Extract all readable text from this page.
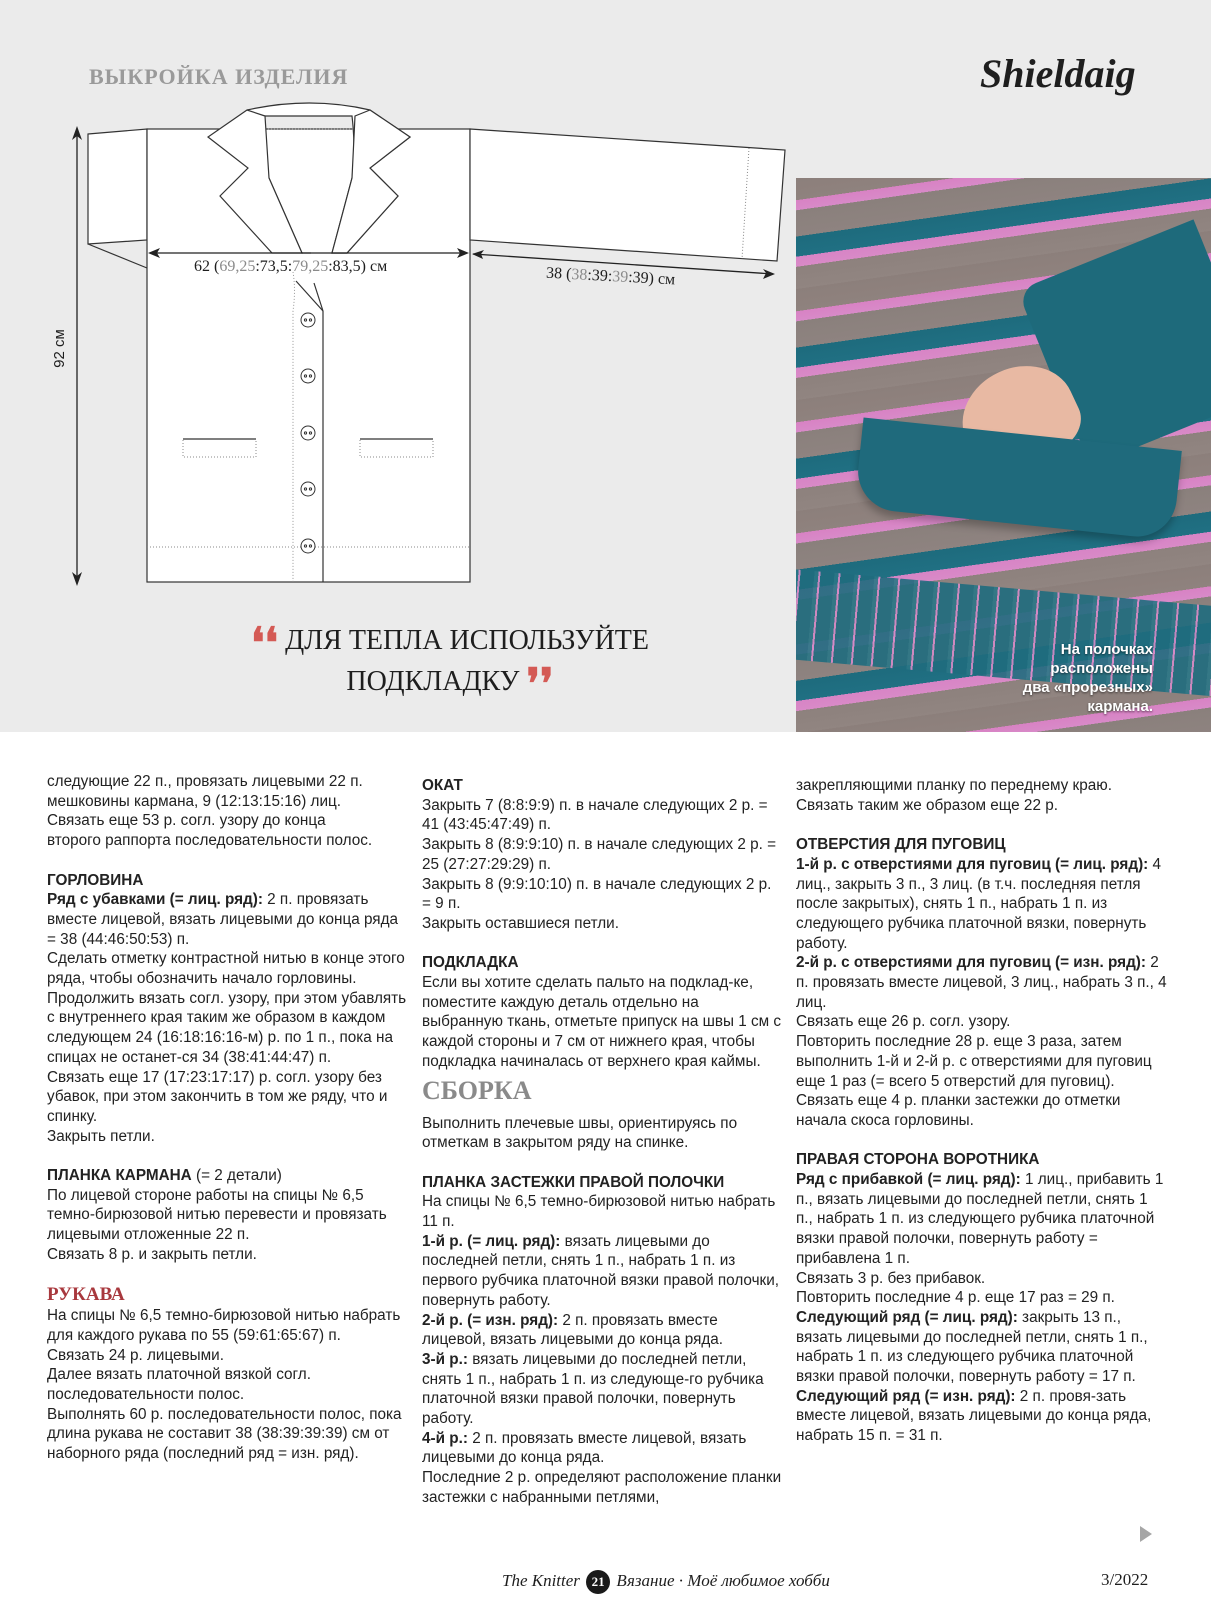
ВЫКРОЙКА ИЗДЕЛИЯ	Shieldaig
62 (69,25:73,5:79,25:83,5) см	38 (38:39:39:39) см
92 см
❛❛ ДЛЯ ТЕПЛА ИСПОЛЬЗУЙТЕ
ПОДКЛАДКУ ❜❜
На полочках
расположены
два «прорезных»
кармана.

следующие 22 п., провязать лицевыми 22 п.

мешковины кармана, 9 (12:13:15:16) лиц.

Связать еще 53 р. согл. узору до конца

второго раппорта последовательности полос.

ГОРЛОВИНА

Ряд с убавками (= лиц. ряд): 2 п. провязать вместе лицевой, вязать лицевыми до конца ряда = 38 (44:46:50:53) п.

Сделать отметку контрастной нитью в конце этого ряда, чтобы обозначить начало горловины.

Продолжить вязать согл. узору, при этом убавлять с внутреннего края таким же образом в каждом следующем 24 (16:18:16:16-м) р. по 1 п., пока на спицах не останет-ся 34 (38:41:44:47) п.

Связать еще 17 (17:23:17:17) р. согл. узору без убавок, при этом закончить в том же ряду, что и спинку.

Закрыть петли.

ПЛАНКА КАРМАНА (= 2 детали)

По лицевой стороне работы на спицы № 6,5 темно-бирюзовой нитью перевести и провязать лицевыми отложенные 22 п.

Связать 8 р. и закрыть петли.

РУКАВА

На спицы № 6,5 темно-бирюзовой нитью набрать для каждого рукава по 55 (59:61:65:67) п.

Связать 24 р. лицевыми.

Далее вязать платочной вязкой согл. последовательности полос.

Выполнять 60 р. последовательности полос, пока длина рукава не составит 38 (38:39:39:39) см от наборного ряда (последний ряд = изн. ряд).

ОКАТ

Закрыть 7 (8:8:9:9) п. в начале следующих 2 р. = 41 (43:45:47:49) п.

Закрыть 8 (8:9:9:10) п. в начале следующих 2 р. = 25 (27:27:29:29) п.

Закрыть 8 (9:9:10:10) п. в начале следующих 2 р. = 9 п.

Закрыть оставшиеся петли.

ПОДКЛАДКА

Если вы хотите сделать пальто на подклад-ке, поместите каждую деталь отдельно на выбранную ткань, отметьте припуск на швы 1 см с каждой стороны и 7 см от нижнего края, чтобы подкладка начиналась от верхнего края каймы.

СБОРКА

Выполнить плечевые швы, ориентируясь по отметкам в закрытом ряду на спинке.

ПЛАНКА ЗАСТЕЖКИ ПРАВОЙ ПОЛОЧКИ

На спицы № 6,5 темно-бирюзовой нитью набрать 11 п.

1-й р. (= лиц. ряд): вязать лицевыми до последней петли, снять 1 п., набрать 1 п. из первого рубчика платочной вязки правой полочки, повернуть работу.

2-й р. (= изн. ряд): 2 п. провязать вместе лицевой, вязать лицевыми до конца ряда.

3-й р.: вязать лицевыми до последней петли, снять 1 п., набрать 1 п. из следующе-го рубчика платочной вязки правой полочки, повернуть работу.

4-й р.: 2 п. провязать вместе лицевой, вязать лицевыми до конца ряда.

Последние 2 р. определяют расположение планки застежки с набранными петлями,

закрепляющими планку по переднему краю. Связать таким же образом еще 22 р.

ОТВЕРСТИЯ ДЛЯ ПУГОВИЦ

1-й р. с отверстиями для пуговиц (= лиц. ряд): 4 лиц., закрыть 3 п., 3 лиц. (в т.ч. последняя петля после закрытых), снять 1 п., набрать 1 п. из следующего рубчика платочной вязки, повернуть работу.

2-й р. с отверстиями для пуговиц (= изн. ряд): 2 п. провязать вместе лицевой, 3 лиц., набрать 3 п., 4 лиц.

Связать еще 26 р. согл. узору.

Повторить последние 28 р. еще 3 раза, затем выполнить 1-й и 2-й р. с отверстиями для пуговиц еще 1 раз (= всего 5 отверстий для пуговиц).

Связать еще 4 р. планки застежки до отметки начала скоса горловины.

ПРАВАЯ СТОРОНА ВОРОТНИКА

Ряд с прибавкой (= лиц. ряд): 1 лиц., прибавить 1 п., вязать лицевыми до последней петли, снять 1 п., набрать 1 п. из следующего рубчика платочной вязки правой полочки, повернуть работу = прибавлена 1 п.

Связать 3 р. без прибавок.

Повторить последние 4 р. еще 17 раз = 29 п.

Следующий ряд (= лиц. ряд): закрыть 13 п., вязать лицевыми до последней петли, снять 1 п., набрать 1 п. из следующего рубчика платочной вязки правой полочки, повернуть работу = 17 п.

Следующий ряд (= изн. ряд): 2 п. провя-зать вместе лицевой, вязать лицевыми до конца ряда, набрать 15 п. = 31 п.

The Knitter 21 Вязание · Моё любимое хобби	3/2022
